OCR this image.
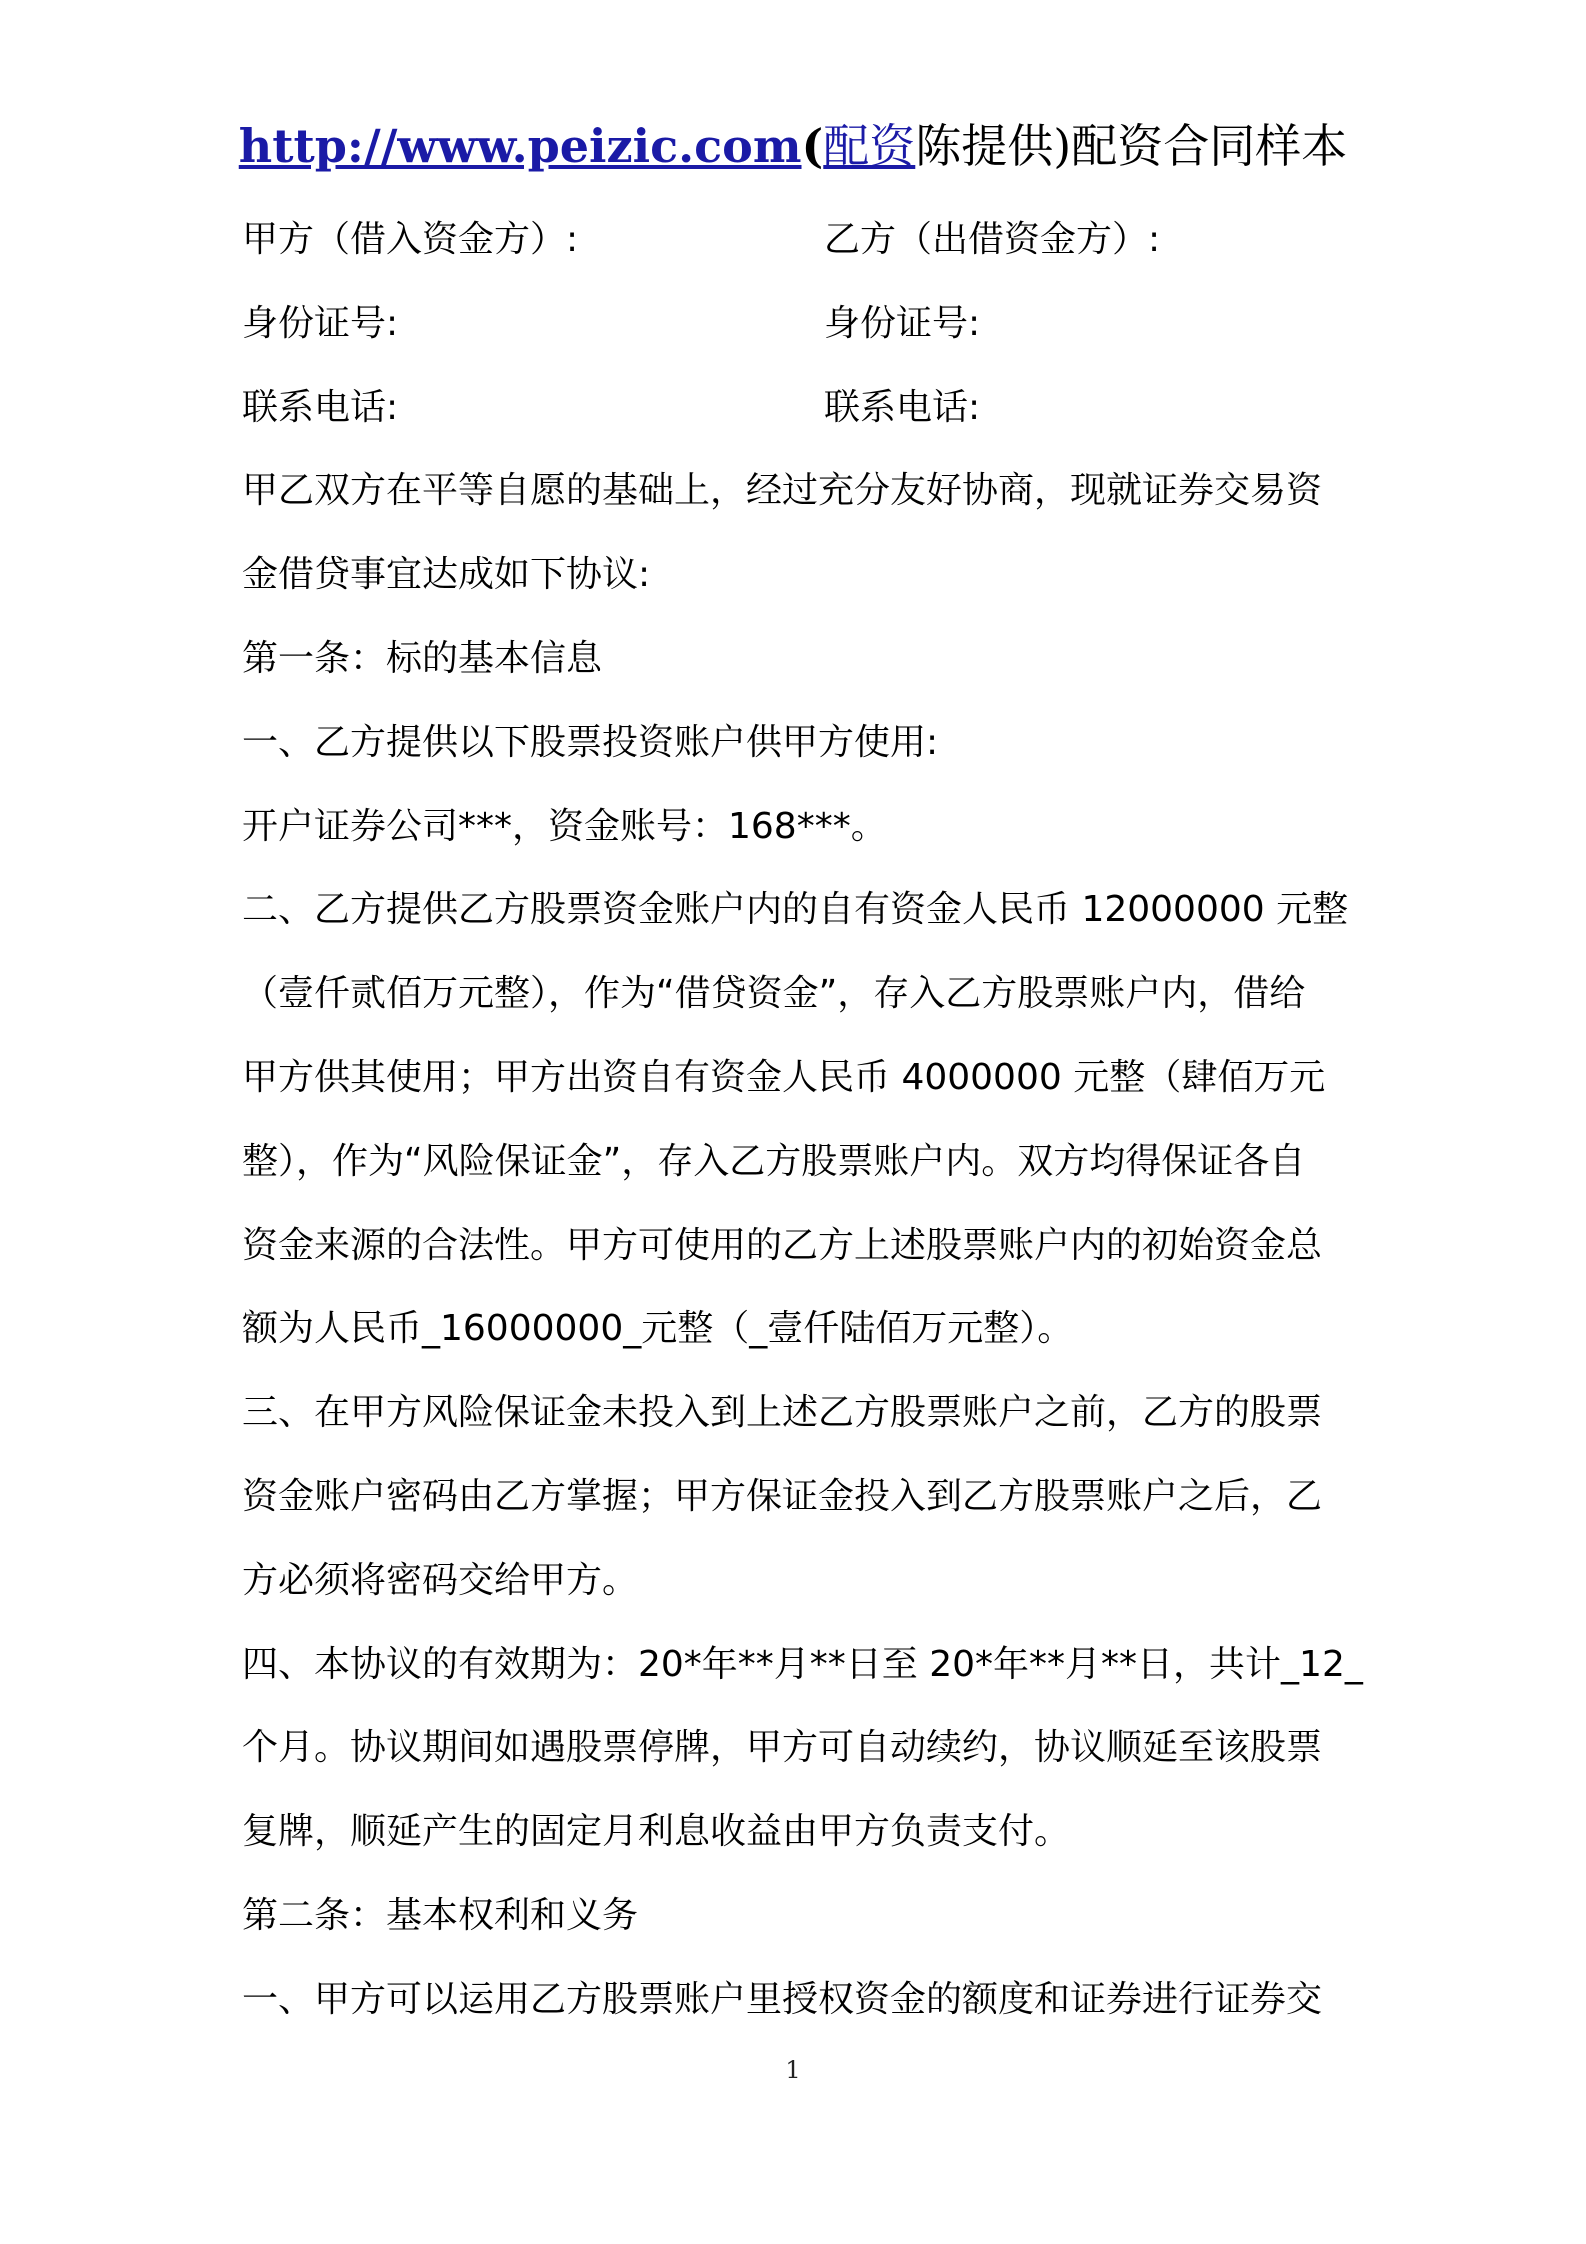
http://www.peizic.com(配资陈提供)配资合同样本
甲方（借入资金方）:	乙方（出借资金方）:
身份证号:	身份证号:
联系电话:	联系电话:
甲乙双方在平等自愿的基础上，经过充分友好协商，现就证券交易资
金借贷事宜达成如下协议:
第一条：标的基本信息
一、乙方提供以下股票投资账户供甲方使用:
开户证券公司***，资金账号：168***。
二、乙方提供乙方股票资金账户内的自有资金人民币 12000000 元整
（壹仟贰佰万元整），作为“借贷资金”，存入乙方股票账户内，借给
甲方供其使用；甲方出资自有资金人民币 4000000 元整（肆佰万元
整），作为“风险保证金”，存入乙方股票账户内。双方均得保证各自
资金来源的合法性。甲方可使用的乙方上述股票账户内的初始资金总
额为人民币_16000000_元整（_壹仟陆佰万元整）。
三、在甲方风险保证金未投入到上述乙方股票账户之前，乙方的股票
资金账户密码由乙方掌握；甲方保证金投入到乙方股票账户之后，乙
方必须将密码交给甲方。
四、本协议的有效期为：20*年**月**日至 20*年**月**日，共计_12_
个月。协议期间如遇股票停牌，甲方可自动续约，协议顺延至该股票
复牌，顺延产生的固定月利息收益由甲方负责支付。
第二条：基本权利和义务
一、甲方可以运用乙方股票账户里授权资金的额度和证券进行证券交
1
